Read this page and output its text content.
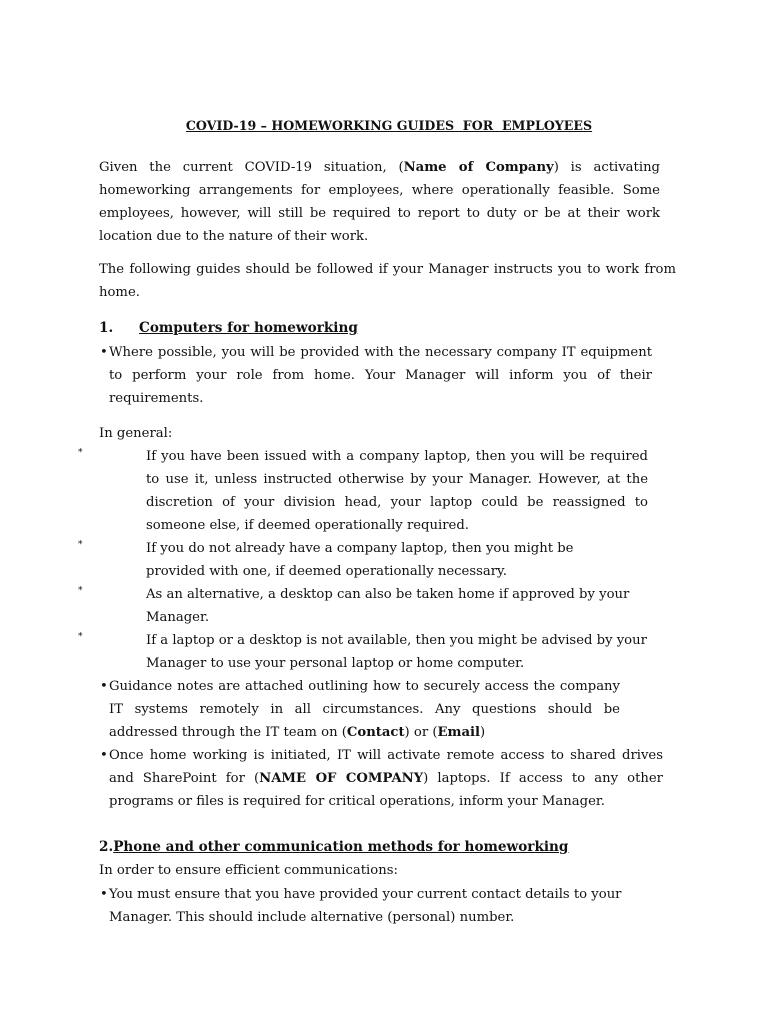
COVID-19 – HOMEWORKING GUIDES  FOR  EMPLOYEES
Given the current COVID-19 situation, (Name of Company) is activating homeworking arrangements for employees, where operationally feasible. Some employees, however, will still be required to report to duty or be at their work location due to the nature of their work.
The following guides should be followed if your Manager instructs you to work from home.
1. Computers for homeworking
• Where possible, you will be provided with the necessary company IT equipment to perform your role from home. Your Manager will inform you of their requirements.
In general:
*	If you have been issued with a company laptop, then you will be required to use it, unless instructed otherwise by your Manager. However, at the discretion of your division head, your laptop could be reassigned to someone else, if deemed operationally required.
*	If you do not already have a company laptop, then you might be provided with one, if deemed operationally necessary.
*	As an alternative, a desktop can also be taken home if approved by your Manager.
*	If a laptop or a desktop is not available, then you might be advised by your Manager to use your personal laptop or home computer.
• Guidance notes are attached outlining how to securely access the company IT systems remotely in all circumstances. Any questions should be addressed through the IT team on (Contact) or (Email)
• Once home working is initiated, IT will activate remote access to shared drives and SharePoint for (NAME OF COMPANY) laptops. If access to any other programs or files is required for critical operations, inform your Manager.
2.Phone and other communication methods for homeworking
In order to ensure efficient communications:
• You must ensure that you have provided your current contact details to your Manager. This should include alternative (personal) number.
